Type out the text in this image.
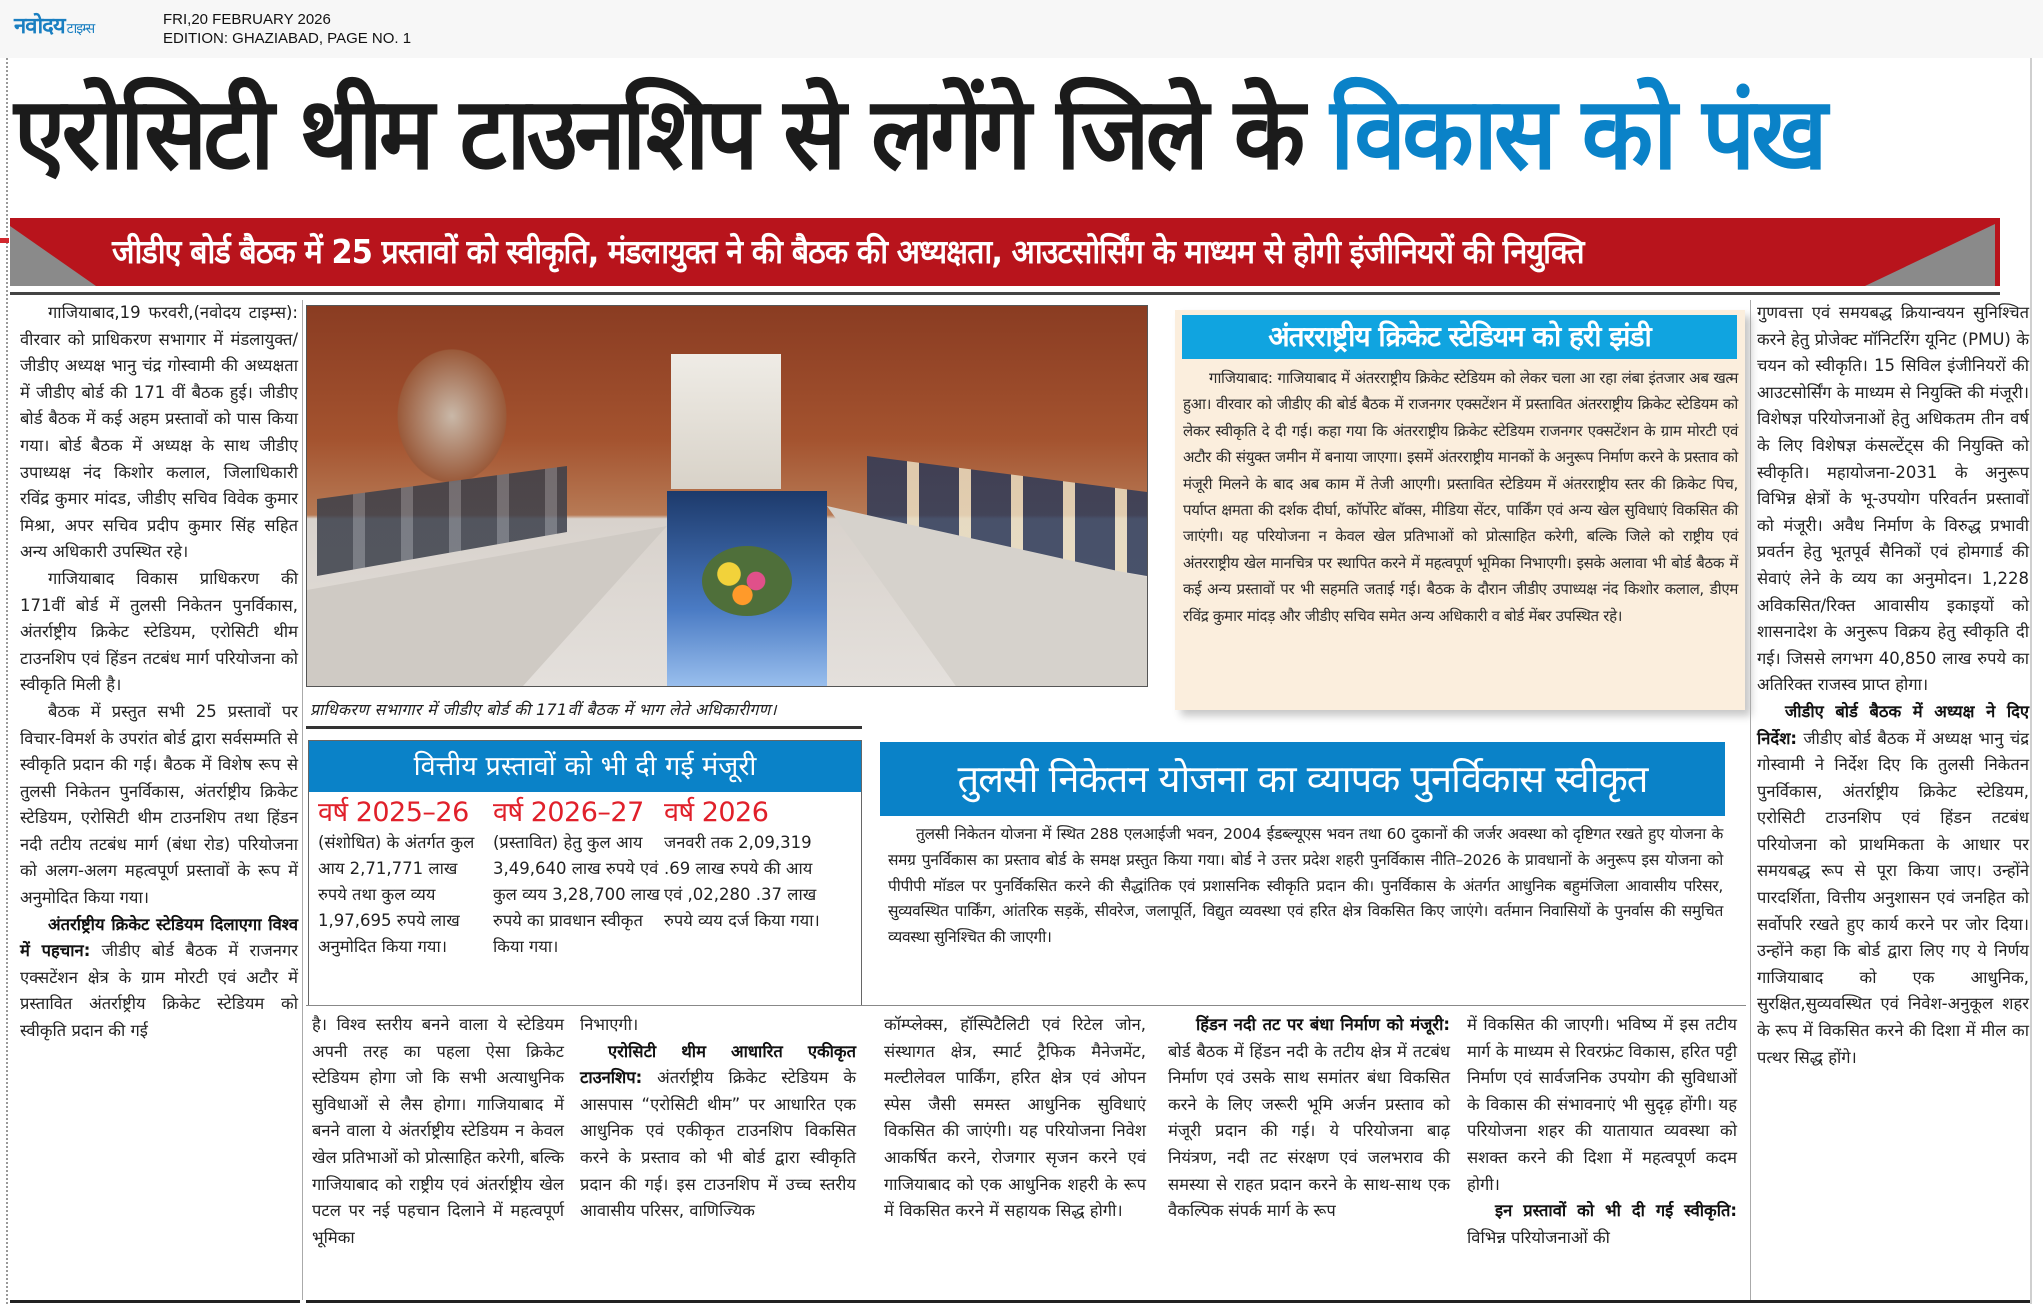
नवोदय टाइम्स
FRI,20 FEBRUARY 2026
EDITION: GHAZIABAD, PAGE NO. 1
एरोसिटी थीम टाउनशिप से लगेंगे जिले के विकास को पंख
जीडीए बोर्ड बैठक में 25 प्रस्तावों को स्वीकृति, मंडलायुक्त ने की बैठक की अध्यक्षता, आउटसोर्सिंग के माध्यम से होगी इंजीनियरों की नियुक्ति

गाजियाबाद,19 फरवरी,(नवोदय टाइम्स): वीरवार को प्राधिकरण सभागार में मंडलायुक्त/जीडीए अध्यक्ष भानु चंद्र गोस्वामी की अध्यक्षता में जीडीए बोर्ड की 171 वीं बैठक हुई। जीडीए बोर्ड बैठक में कई अहम प्रस्तावों को पास किया गया। बोर्ड बैठक में अध्यक्ष के साथ जीडीए उपाध्यक्ष नंद किशोर कलाल, जिलाधिकारी रविंद्र कुमार मांदड, जीडीए सचिव विवेक कुमार मिश्रा, अपर सचिव प्रदीप कुमार सिंह सहित अन्य अधिकारी उपस्थित रहे।

गाजियाबाद विकास प्राधिकरण की 171वीं बोर्ड में तुलसी निकेतन पुनर्विकास, अंतर्राष्ट्रीय क्रिकेट स्टेडियम, एरोसिटी थीम टाउनशिप एवं हिंडन तटबंध मार्ग परियोजना को स्वीकृति मिली है।

बैठक में प्रस्तुत सभी 25 प्रस्तावों पर विचार-विमर्श के उपरांत बोर्ड द्वारा सर्वसम्मति से स्वीकृति प्रदान की गई। बैठक में विशेष रूप से तुलसी निकेतन पुनर्विकास, अंतर्राष्ट्रीय क्रिकेट स्टेडियम, एरोसिटी थीम टाउनशिप तथा हिंडन नदी तटीय तटबंध मार्ग (बंधा रोड) परियोजना को अलग-अलग महत्वपूर्ण प्रस्तावों के रूप में अनुमोदित किया गया।

अंतर्राष्ट्रीय क्रिकेट स्टेडियम दिलाएगा विश्व में पहचान: जीडीए बोर्ड बैठक में राजनगर एक्सटेंशन क्षेत्र के ग्राम मोरटी एवं अटौर में प्रस्तावित अंतर्राष्ट्रीय क्रिकेट स्टेडियम को स्वीकृति प्रदान की गई

प्राधिकरण सभागार में जीडीए बोर्ड की 171वीं बैठक में भाग लेते अधिकारीगण।
अंतरराष्ट्रीय क्रिकेट स्टेडियम को हरी झंडी

गाजियाबाद: गाजियाबाद में अंतरराष्ट्रीय क्रिकेट स्टेडियम को लेकर चला आ रहा लंबा इंतजार अब खत्म हुआ। वीरवार को जीडीए की बोर्ड बैठक में राजनगर एक्सटेंशन में प्रस्तावित अंतरराष्ट्रीय क्रिकेट स्टेडियम को लेकर स्वीकृति दे दी गई। कहा गया कि अंतरराष्ट्रीय क्रिकेट स्टेडियम राजनगर एक्सटेंशन के ग्राम मोरटी एवं अटौर की संयुक्त जमीन में बनाया जाएगा। इसमें अंतरराष्ट्रीय मानकों के अनुरूप निर्माण करने के प्रस्ताव को मंजूरी मिलने के बाद अब काम में तेजी आएगी। प्रस्तावित स्टेडियम में अंतरराष्ट्रीय स्तर की क्रिकेट पिच, पर्याप्त क्षमता की दर्शक दीर्घा, कॉर्पोरेट बॉक्स, मीडिया सेंटर, पार्किंग एवं अन्य खेल सुविधाएं विकसित की जाएंगी। यह परियोजना न केवल खेल प्रतिभाओं को प्रोत्साहित करेगी, बल्कि जिले को राष्ट्रीय एवं अंतरराष्ट्रीय खेल मानचित्र पर स्थापित करने में महत्वपूर्ण भूमिका निभाएगी। इसके अलावा भी बोर्ड बैठक में कई अन्य प्रस्तावों पर भी सहमति जताई गई। बैठक के दौरान जीडीए उपाध्यक्ष नंद किशोर कलाल, डीएम रविंद्र कुमार मांदड़ और जीडीए सचिव समेत अन्य अधिकारी व बोर्ड मेंबर उपस्थित रहे।

गुणवत्ता एवं समयबद्ध क्रियान्वयन सुनिश्चित करने हेतु प्रोजेक्ट मॉनिटरिंग यूनिट (PMU) के चयन को स्वीकृति। 15 सिविल इंजीनियरों की आउटसोर्सिंग के माध्यम से नियुक्ति की मंजूरी। विशेषज्ञ परियोजनाओं हेतु अधिकतम तीन वर्ष के लिए विशेषज्ञ कंसल्टेंट्स की नियुक्ति को स्वीकृति। महायोजना-2031 के अनुरूप विभिन्न क्षेत्रों के भू-उपयोग परिवर्तन प्रस्तावों को मंजूरी। अवैध निर्माण के विरुद्ध प्रभावी प्रवर्तन हेतु भूतपूर्व सैनिकों एवं होमगार्ड की सेवाएं लेने के व्यय का अनुमोदन। 1,228 अविकसित/रिक्त आवासीय इकाइयों को शासनादेश के अनुरूप विक्रय हेतु स्वीकृति दी गई। जिससे लगभग 40,850 लाख रुपये का अतिरिक्त राजस्व प्राप्त होगा।

जीडीए बोर्ड बैठक में अध्यक्ष ने दिए निर्देश: जीडीए बोर्ड बैठक में अध्यक्ष भानु चंद्र गोस्वामी ने निर्देश दिए कि तुलसी निकेतन पुनर्विकास, अंतर्राष्ट्रीय क्रिकेट स्टेडियम, एरोसिटी टाउनशिप एवं हिंडन तटबंध परियोजना को प्राथमिकता के आधार पर समयबद्ध रूप से पूरा किया जाए। उन्होंने पारदर्शिता, वित्तीय अनुशासन एवं जनहित को सर्वोपरि रखते हुए कार्य करने पर जोर दिया। उन्होंने कहा कि बोर्ड द्वारा लिए गए ये निर्णय गाजियाबाद को एक आधुनिक, सुरक्षित,सुव्यवस्थित एवं निवेश-अनुकूल शहर के रूप में विकसित करने की दिशा में मील का पत्थर सिद्ध होंगे।

वित्तीय प्रस्तावों को भी दी गई मंजूरी
वर्ष 2025–26
(संशोधित) के अंतर्गत कुल आय 2,71,771 लाख रुपये तथा कुल व्यय 1,97,695 रुपये लाख अनुमोदित किया गया।
वर्ष 2026–27
(प्रस्तावित) हेतु कुल आय 3,49,640 लाख रुपये एवं कुल व्यय 3,28,700 लाख रुपये का प्रावधान स्वीकृत किया गया।
वर्ष 2026
जनवरी तक 2,09,319 .69 लाख रुपये की आय एवं ,02,280 .37 लाख रुपये व्यय दर्ज किया गया।
तुलसी निकेतन योजना का व्यापक पुनर्विकास स्वीकृत

तुलसी निकेतन योजना में स्थित 288 एलआईजी भवन, 2004 ईडब्ल्यूएस भवन तथा 60 दुकानों की जर्जर अवस्था को दृष्टिगत रखते हुए योजना के समग्र पुनर्विकास का प्रस्ताव बोर्ड के समक्ष प्रस्तुत किया गया। बोर्ड ने उत्तर प्रदेश शहरी पुनर्विकास नीति–2026 के प्रावधानों के अनुरूप इस योजना को पीपीपी मॉडल पर पुनर्विकसित करने की सैद्धांतिक एवं प्रशासनिक स्वीकृति प्रदान की। पुनर्विकास के अंतर्गत आधुनिक बहुमंजिला आवासीय परिसर, सुव्यवस्थित पार्किंग, आंतरिक सड़कें, सीवरेज, जलापूर्ति, विद्युत व्यवस्था एवं हरित क्षेत्र विकसित किए जाएंगे। वर्तमान निवासियों के पुनर्वास की समुचित व्यवस्था सुनिश्चित की जाएगी।

है। विश्व स्तरीय बनने वाला ये स्टेडियम अपनी तरह का पहला ऐसा क्रिकेट स्टेडियम होगा जो कि सभी अत्याधुनिक सुविधाओं से लैस होगा। गाजियाबाद में बनने वाला ये अंतर्राष्ट्रीय स्टेडियम न केवल खेल प्रतिभाओं को प्रोत्साहित करेगी, बल्कि गाजियाबाद को राष्ट्रीय एवं अंतर्राष्ट्रीय खेल पटल पर नई पहचान दिलाने में महत्वपूर्ण भूमिका

निभाएगी।

एरोसिटी थीम आधारित एकीकृत टाउनशिप: अंतर्राष्ट्रीय क्रिकेट स्टेडियम के आसपास “एरोसिटी थीम” पर आधारित एक आधुनिक एवं एकीकृत टाउनशिप विकसित करने के प्रस्ताव को भी बोर्ड द्वारा स्वीकृति प्रदान की गई। इस टाउनशिप में उच्च स्तरीय आवासीय परिसर, वाणिज्यिक

कॉम्प्लेक्स, हॉस्पिटैलिटी एवं रिटेल जोन, संस्थागत क्षेत्र, स्मार्ट ट्रैफिक मैनेजमेंट, मल्टीलेवल पार्किंग, हरित क्षेत्र एवं ओपन स्पेस जैसी समस्त आधुनिक सुविधाएं विकसित की जाएंगी। यह परियोजना निवेश आकर्षित करने, रोजगार सृजन करने एवं गाजियाबाद को एक आधुनिक शहरी के रूप में विकसित करने में सहायक सिद्ध होगी।

हिंडन नदी तट पर बंधा निर्माण को मंजूरी: बोर्ड बैठक में हिंडन नदी के तटीय क्षेत्र में तटबंध निर्माण एवं उसके साथ समांतर बंधा विकसित करने के लिए जरूरी भूमि अर्जन प्रस्ताव को मंजूरी प्रदान की गई। ये परियोजना बाढ़ नियंत्रण, नदी तट संरक्षण एवं जलभराव की समस्या से राहत प्रदान करने के साथ-साथ एक वैकल्पिक संपर्क मार्ग के रूप

में विकसित की जाएगी। भविष्य में इस तटीय मार्ग के माध्यम से रिवरफ्रंट विकास, हरित पट्टी निर्माण एवं सार्वजनिक उपयोग की सुविधाओं के विकास की संभावनाएं भी सुदृढ़ होंगी। यह परियोजना शहर की यातायात व्यवस्था को सशक्त करने की दिशा में महत्वपूर्ण कदम होगी।

इन प्रस्तावों को भी दी गई स्वीकृति: विभिन्न परियोजनाओं की
